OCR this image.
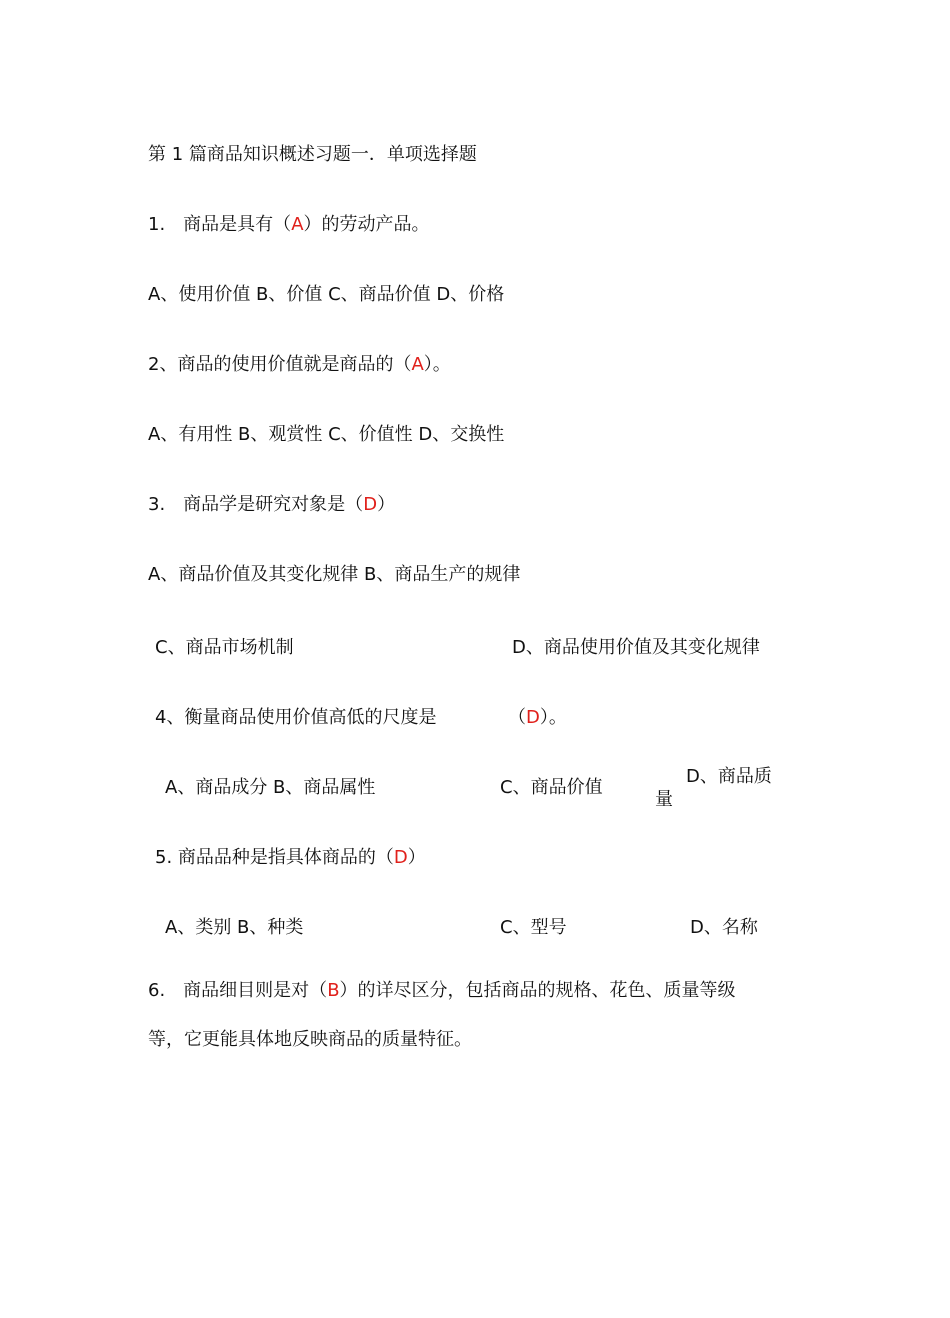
第 1 篇商品知识概述习题一．单项选择题
1.　商品是具有（A）的劳动产品。
A、使用价值 B、价值 C、商品价值 D、价格
2、商品的使用价值就是商品的（A）。
A、有用性 B、观赏性 C、价值性 D、交换性
3.　商品学是研究对象是（D）
A、商品价值及其变化规律 B、商品生产的规律
C、商品市场机制	D、商品使用价值及其变化规律
4、衡量商品使用价值高低的尺度是	（D）。
A、商品成分 B、商品属性	C、商品价值
D、商品质
量
5. 商品品种是指具体商品的（D）
A、类别 B、种类	C、型号	D、名称
6.　商品细目则是对（B）的详尽区分，包括商品的规格、花色、质量等级
等，它更能具体地反映商品的质量特征。
